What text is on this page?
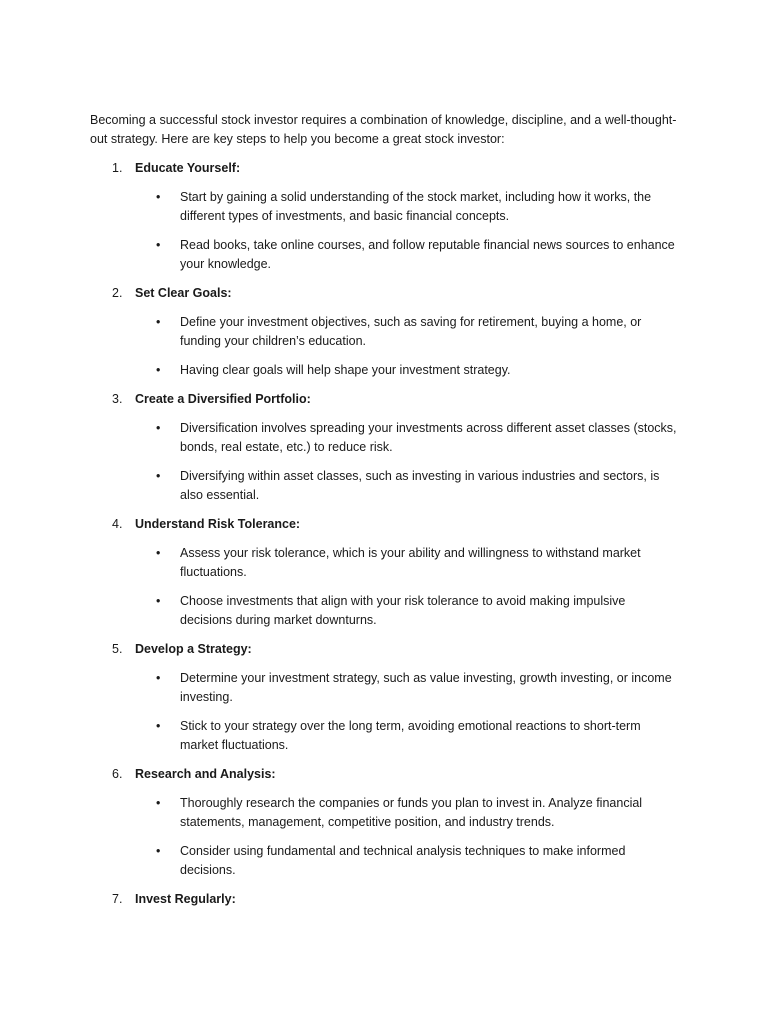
Becoming a successful stock investor requires a combination of knowledge, discipline, and a well-thought-out strategy. Here are key steps to help you become a great stock investor:

1.	Educate Yourself:
•	Start by gaining a solid understanding of the stock market, including how it works, the different types of investments, and basic financial concepts.
•	Read books, take online courses, and follow reputable financial news sources to enhance your knowledge.
2.	Set Clear Goals:
•	Define your investment objectives, such as saving for retirement, buying a home, or funding your children’s education.
•	Having clear goals will help shape your investment strategy.
3.	Create a Diversified Portfolio:
•	Diversification involves spreading your investments across different asset classes (stocks, bonds, real estate, etc.) to reduce risk.
•	Diversifying within asset classes, such as investing in various industries and sectors, is also essential.
4.	Understand Risk Tolerance:
•	Assess your risk tolerance, which is your ability and willingness to withstand market fluctuations.
•	Choose investments that align with your risk tolerance to avoid making impulsive decisions during market downturns.
5.	Develop a Strategy:
•	Determine your investment strategy, such as value investing, growth investing, or income investing.
•	Stick to your strategy over the long term, avoiding emotional reactions to short-term market fluctuations.
6.	Research and Analysis:
•	Thoroughly research the companies or funds you plan to invest in. Analyze financial statements, management, competitive position, and industry trends.
•	Consider using fundamental and technical analysis techniques to make informed decisions.
7.	Invest Regularly:
